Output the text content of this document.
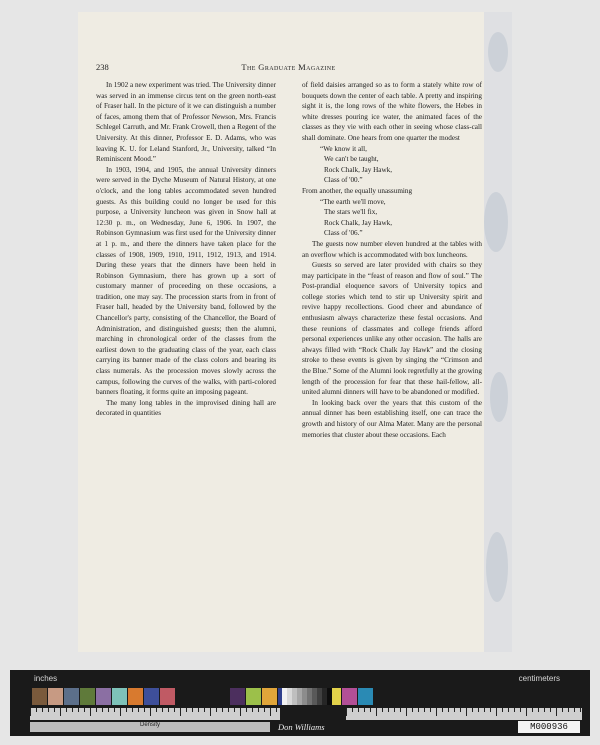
238	The Graduate Magazine

In 1902 a new experiment was tried. The University dinner was served in an immense circus tent on the green north-east of Fraser hall. In the picture of it we can distinguish a number of faces, among them that of Professor Newson, Mrs. Francis Schlegel Carruth, and Mr. Frank Crowell, then a Regent of the University. At this dinner, Professor E. D. Adams, who was leaving K. U. for Leland Stanford, Jr., University, talked “In Reminiscent Mood.”

In 1903, 1904, and 1905, the annual University dinners were served in the Dyche Museum of Natural History, at one o'clock, and the long tables accommodated seven hundred guests. As this building could no longer be used for this purpose, a University luncheon was given in Snow hall at 12:30 p. m., on Wednesday, June 6, 1906. In 1907, the Robinson Gymnasium was first used for the University dinner at 1 p. m., and there the dinners have taken place for the classes of 1908, 1909, 1910, 1911, 1912, 1913, and 1914. During these years that the dinners have been held in Robinson Gymnasium, there has grown up a sort of customary manner of proceeding on these occasions, a tradition, one may say. The procession starts from in front of Fraser hall, headed by the University band, followed by the Chancellor's party, consisting of the Chancellor, the Board of Administration, and distinguished guests; then the alumni, marching in chronological order of the classes from the earliest down to the graduating class of the year, each class carrying its banner made of the class colors and bearing its class numerals. As the procession moves slowly across the campus, following the curves of the walks, with parti-colored banners floating, it forms quite an imposing pageant.

The many long tables in the improvised dining hall are decorated in quantities

of field daisies arranged so as to form a stately white row of bouquets down the center of each table. A pretty and inspiring sight it is, the long rows of the white flowers, the Hebes in white dresses pouring ice water, the animated faces of the classes as they vie with each other in seeing whose class-call shall dominate. One hears from one quarter the modest

“We know it all,
We can't be taught,
Rock Chalk, Jay Hawk,
Class of '00.”

From another, the equally unassuming

“The earth we'll move,
The stars we'll fix,
Rock Chalk, Jay Hawk,
Class of '06.”

The guests now number eleven hundred at the tables with an overflow which is accommodated with box luncheons.

Guests so served are later provided with chairs so they may participate in the “feast of reason and flow of soul.” The Post-prandial eloquence savors of University topics and college stories which tend to stir up University spirit and revive happy recollections. Good cheer and abundance of enthusiasm always characterize these festal occasions. And these reunions of classmates and college friends afford personal experiences unlike any other occasion. The halls are always filled with “Rock Chalk Jay Hawk” and the closing stroke to these events is given by singing the “Crimson and the Blue.” Some of the Alumni look regretfully at the growing length of the procession for fear that these hail-fellow, all-united alumni dinners will have to be abandoned or modified.

In looking back over the years that this custom of the annual dinner has been establishing itself, one can trace the growth and history of our Alma Mater. Many are the personal memories that cluster about these occasions. Each

inches	centimeters
Density	Don Williams	M000936
